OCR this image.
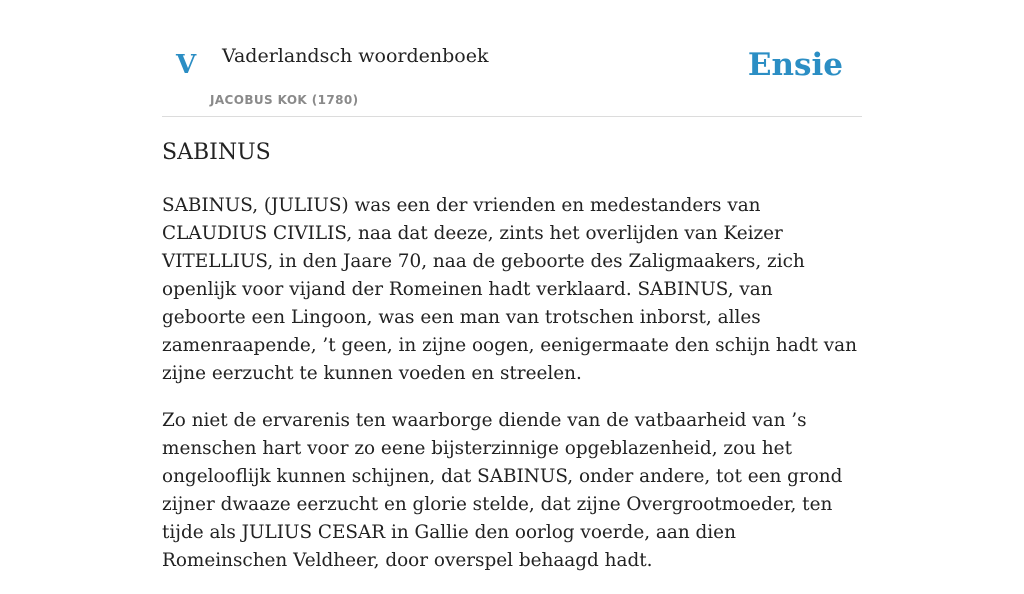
V Vaderlandsch woordenboek
JACOBUS KOK (1780)
Ensie
SABINUS

SABINUS, (JULIUS) was een der vrienden en medestanders van CLAUDIUS CIVILIS, naa dat deeze, zints het overlijden van Keizer VITELLIUS, in den Jaare 70, naa de geboorte des Zaligmaakers, zich openlijk voor vijand der Romeinen hadt verklaard. SABINUS, van geboorte een Lingoon, was een man van trotschen inborst, alles zamenraapende, ’t geen, in zijne oogen, eenigermaate den schijn hadt van zijne eerzucht te kunnen voeden en streelen.

Zo niet de ervarenis ten waarborge diende van de vatbaarheid van ’s menschen hart voor zo eene bijsterzinnige opgeblazenheid, zou het ongelooflijk kunnen schijnen, dat SABINUS, onder andere, tot een grond zijner dwaaze eerzucht en glorie stelde, dat zijne Overgrootmoeder, ten tijde als JULIUS CESAR in Gallie den oorlog voerde, aan dien Romeinschen Veldheer, door overspel behaagd hadt.
